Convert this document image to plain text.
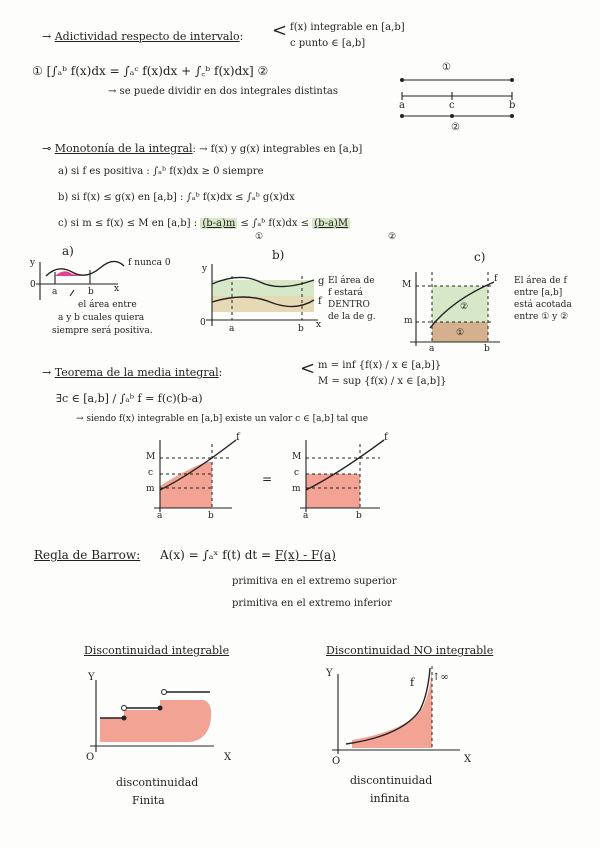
→ Adictividad respecto de intervalo: < f(x) integrable en [a,b]
c punto ∈ [a,b]
① [∫ₐᵇ f(x)dx = ∫ₐᶜ f(x)dx + ∫꜀ᵇ f(x)dx] ②
→ se puede dividir en dos integrales distintas
①
a	c	b
②
⊸ Monotonía de la integral: → f(x) y g(x) integrables en [a,b]
a) si f es positiva : ∫ₐᵇ f(x)dx ≥ 0 siempre
b) si f(x) ≤ g(x) en [a,b] : ∫ₐᵇ f(x)dx ≤ ∫ₐᵇ g(x)dx
c) si m ≤ f(x) ≤ M en [a,b] : (b-a)m ≤ ∫ₐᵇ f(x)dx ≤ (b-a)M
①	②
a)
y
0
a	b x
f nunca 0
el área entre
a y b cuales quiera
siempre será positiva.
b)
y
0
a	b x
g
f
El área de
f estará
DENTRO
de la de g.
c)
M
m
a	b
f
①
②
El área de f
entre [a,b]
está acotada
entre ① y ②
→ Teorema de la media integral:	< m = inf {f(x) / x ∈ [a,b]}
M = sup {f(x) / x ∈ [a,b]}
∃c ∈ [a,b] / ∫ₐᵇ f = f(c)(b-a)
→ siendo f(x) integrable en [a,b] existe un valor c ∈ [a,b] tal que
M
c
m
a	b
f
=
M
c
m
a	b
f
Regla de Barrow: A(x) = ∫ₐˣ f(t) dt = F(x) - F(a)
primitiva en el extremo superior
primitiva en el extremo inferior
Discontinuidad integrable	Discontinuidad NO integrable
Y
O	X
discontinuidad
Finita
Y
O	X
f ↑∞
discontinuidad
infinita
